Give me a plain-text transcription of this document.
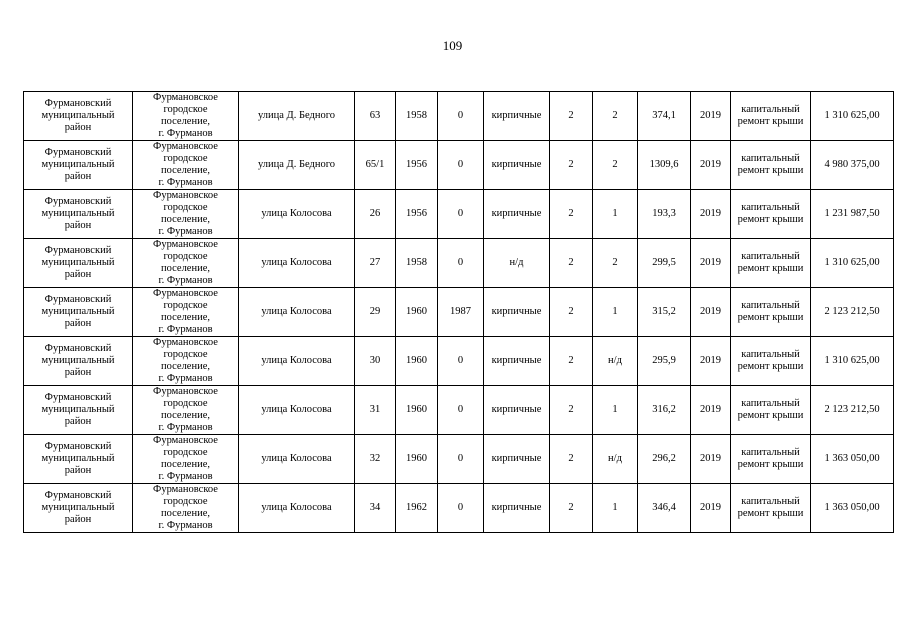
109
Фурмановский
муниципальный
район	Фурмановское
городское
поселение,
г. Фурманов	улица Д. Бедного	63	1958	0	кирпичные	2	2	374,1	2019	капитальный
ремонт крыши	1 310 625,00
Фурмановский
муниципальный
район	Фурмановское
городское
поселение,
г. Фурманов	улица Д. Бедного	65/1	1956	0	кирпичные	2	2	1309,6	2019	капитальный
ремонт крыши	4 980 375,00
Фурмановский
муниципальный
район	Фурмановское
городское
поселение,
г. Фурманов	улица Колосова	26	1956	0	кирпичные	2	1	193,3	2019	капитальный
ремонт крыши	1 231 987,50
Фурмановский
муниципальный
район	Фурмановское
городское
поселение,
г. Фурманов	улица Колосова	27	1958	0	н/д	2	2	299,5	2019	капитальный
ремонт крыши	1 310 625,00
Фурмановский
муниципальный
район	Фурмановское
городское
поселение,
г. Фурманов	улица Колосова	29	1960	1987	кирпичные	2	1	315,2	2019	капитальный
ремонт крыши	2 123 212,50
Фурмановский
муниципальный
район	Фурмановское
городское
поселение,
г. Фурманов	улица Колосова	30	1960	0	кирпичные	2	н/д	295,9	2019	капитальный
ремонт крыши	1 310 625,00
Фурмановский
муниципальный
район	Фурмановское
городское
поселение,
г. Фурманов	улица Колосова	31	1960	0	кирпичные	2	1	316,2	2019	капитальный
ремонт крыши	2 123 212,50
Фурмановский
муниципальный
район	Фурмановское
городское
поселение,
г. Фурманов	улица Колосова	32	1960	0	кирпичные	2	н/д	296,2	2019	капитальный
ремонт крыши	1 363 050,00
Фурмановский
муниципальный
район	Фурмановское
городское
поселение,
г. Фурманов	улица Колосова	34	1962	0	кирпичные	2	1	346,4	2019	капитальный
ремонт крыши	1 363 050,00
